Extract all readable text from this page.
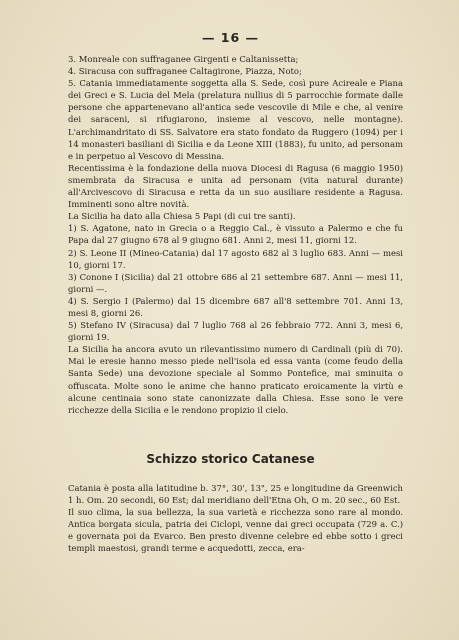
— 16 —

3. Monreale con suffraganee Girgenti e Caltanissetta;

4. Siracusa con suffraganee Caltagirone, Piazza, Noto;

5. Catania immediatamente soggetta alla S. Sede, così pure Acireale e Piana dei Greci e S. Lucia del Mela (prelatura nullius di 5 parrocchie formate dalle persone che appartenevano all'antica sede vescovile di Mile e che, al venire dei saraceni, si rifugiarono, insieme al vescovo, nelle montagne). L'archimandritato di SS. Salvatore era stato fondato da Ruggero (1094) per i 14 monasteri basiliani di Sicilia e da Leone XIII (1883), fu unito, ad personam e in perpetuo al Vescovo di Messina.

Recentissima è la fondazione della nuova Diocesi di Ragusa (6 maggio 1950) smembrata da Siracusa e unita ad personam (vita natural durante) all'Arcivescovo di Siracusa e retta da un suo ausiliare residente a Ragusa. Imminenti sono altre novità.

La Sicilia ha dato alla Chiesa 5 Papi (di cui tre santi).

1) S. Agatone, nato in Grecia o a Reggio Cal., è vissuto a Palermo e che fu Papa dal 27 giugno 678 al 9 giugno 681. Anni 2, mesi 11, giorni 12.

2) S. Leone II (Mineo-Catania) dal 17 agosto 682 al 3 luglio 683. Anni — mesi 10, giorni 17.

3) Conone I (Sicilia) dal 21 ottobre 686 al 21 settembre 687. Anni — mesi 11, giorni —.

4) S. Sergio I (Palermo) dal 15 dicembre 687 all'8 settembre 701. Anni 13, mesi 8, giorni 26.

5) Stefano IV (Siracusa) dal 7 luglio 768 al 26 febbraio 772. Anni 3, mesi 6, giorni 19.

La Sicilia ha ancora avuto un rilevantissimo numero di Cardinali (più di 70). Mai le eresie hanno messo piede nell'isola ed essa vanta (come feudo della Santa Sede) una devozione speciale al Sommo Pontefice, mai sminuita o offuscata. Molte sono le anime che hanno praticato eroicamente la virtù e alcune centinaia sono state canonizzate dalla Chiesa. Esse sono le vere ricchezze della Sicilia e le rendono propizio il cielo.

Schizzo storico Catanese

Catania è posta alla latitudine b. 37°, 30', 13", 25 e longitudine da Greenwich 1 h. Om. 20 secondi, 60 Est; dal meridiano dell'Etna Oh, O m. 20 sec., 60 Est.

Il suo clima, la sua bellezza, la sua varietà e ricchezza sono rare al mondo. Antica borgata sicula, patria dei Ciclopi, venne dai greci occupata (729 a. C.) e governata poi da Evarco. Ben presto divenne celebre ed ebbe sotto i greci templi maestosi, grandi terme e acquedotti, zecca, era-
